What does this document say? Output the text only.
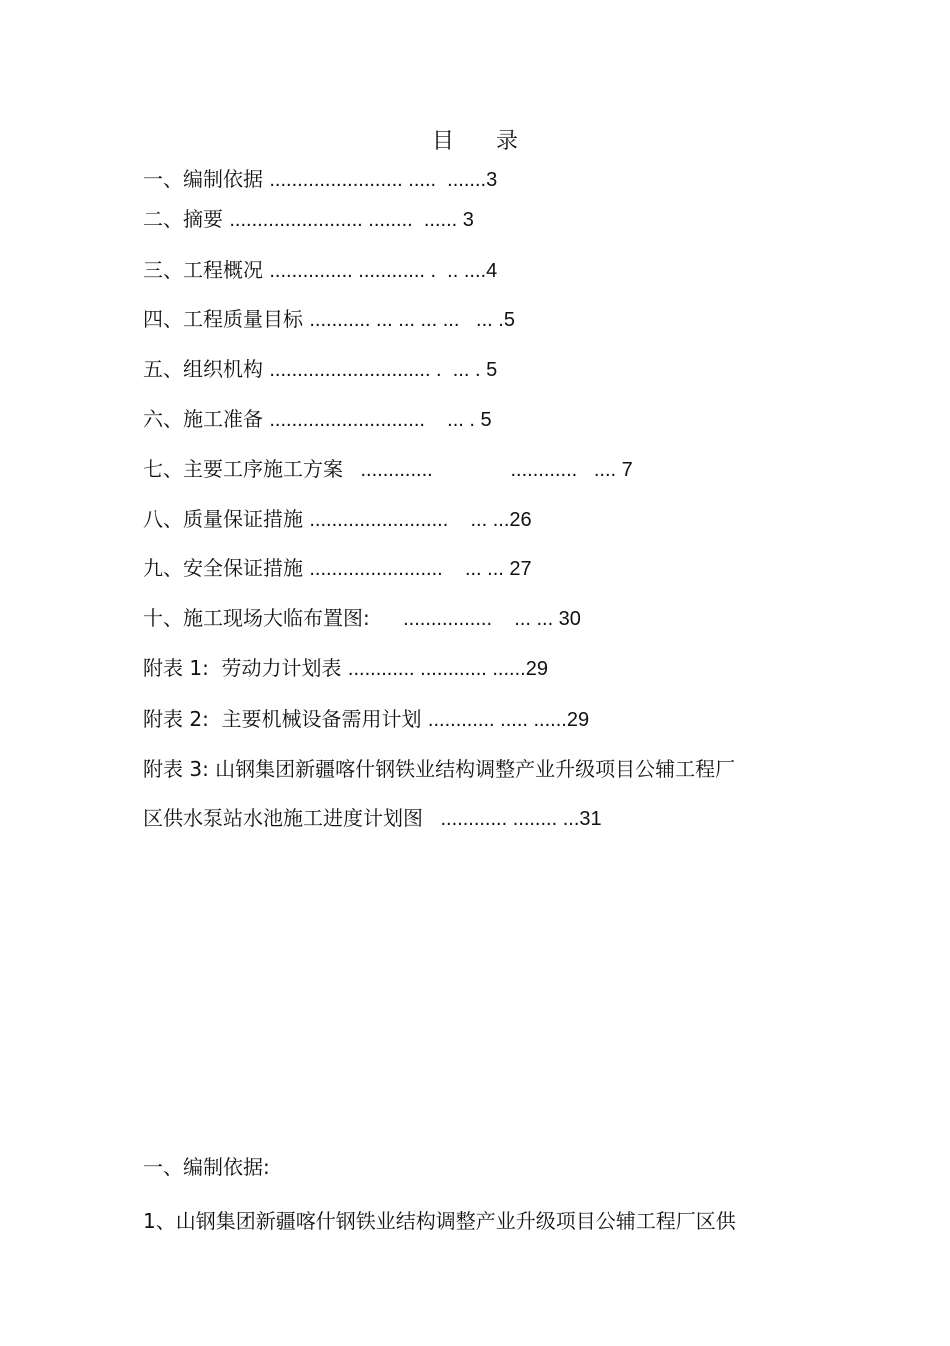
目      录
一、编制依据 ........................ .....  .......3
二、摘要 ........................ ........  ...... 3
三、工程概况 ............... ............ .  .. ....4
四、工程质量目标 ........... ... ... ... ...   ... .5
五、组织机构 ............................. .  ... . 5
六、施工准备 ............................    ... . 5
七、主要工序施工方案   .............              ............   .... 7
八、质量保证措施 .........................    ... ...26
九、安全保证措施 ........................    ... ... 27
十、施工现场大临布置图:      ................    ... ... 30
附表 1:  劳动力计划表 ............ ............ ......29
附表 2:  主要机械设备需用计划 ............ ..... ......29
附表 3: 山钢集团新疆喀什钢铁业结构调整产业升级项目公辅工程厂
区供水泵站水池施工进度计划图   ............ ........ ...31
一、编制依据:
1、山钢集团新疆喀什钢铁业结构调整产业升级项目公辅工程厂区供
